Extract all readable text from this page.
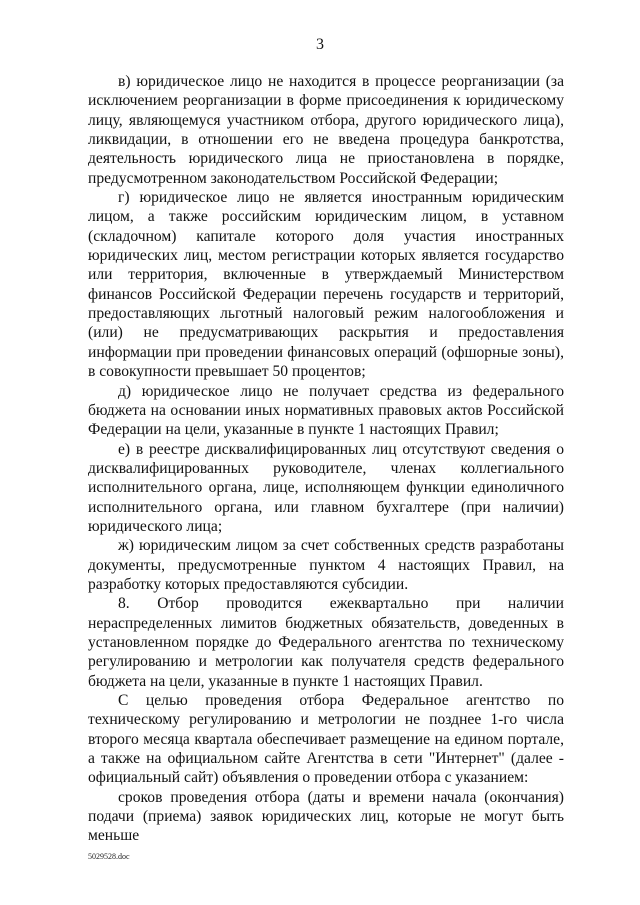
3

в) юридическое лицо не находится в процессе реорганизации (за исключением реорганизации в форме присоединения к юридическому лицу, являющемуся участником отбора, другого юридического лица), ликвидации, в отношении его не введена процедура банкротства, деятельность юридического лица не приостановлена в порядке, предусмотренном законодательством Российской Федерации;

г) юридическое лицо не является иностранным юридическим лицом, а также российским юридическим лицом, в уставном (складочном) капитале которого доля участия иностранных юридических лиц, местом регистрации которых является государство или территория, включенные в утверждаемый Министерством финансов Российской Федерации перечень государств и территорий, предоставляющих льготный налоговый режим налогообложения и (или) не предусматривающих раскрытия и предоставления информации при проведении финансовых операций (офшорные зоны), в совокупности превышает 50 процентов;

д) юридическое лицо не получает средства из федерального бюджета на основании иных нормативных правовых актов Российской Федерации на цели, указанные в пункте 1 настоящих Правил;

е) в реестре дисквалифицированных лиц отсутствуют сведения о дисквалифицированных руководителе, членах коллегиального исполнительного органа, лице, исполняющем функции единоличного исполнительного органа, или главном бухгалтере (при наличии) юридического лица;

ж) юридическим лицом за счет собственных средств разработаны документы, предусмотренные пунктом 4 настоящих Правил, на разработку которых предоставляются субсидии.

8. Отбор проводится ежеквартально при наличии нераспределенных лимитов бюджетных обязательств, доведенных в установленном порядке до Федерального агентства по техническому регулированию и метрологии как получателя средств федерального бюджета на цели, указанные в пункте 1 настоящих Правил.

С целью проведения отбора Федеральное агентство по техническому регулированию и метрологии не позднее 1-го числа второго месяца квартала обеспечивает размещение на едином портале, а также на официальном сайте Агентства в сети "Интернет" (далее - официальный сайт) объявления о проведении отбора с указанием:

сроков проведения отбора (даты и времени начала (окончания) подачи (приема) заявок юридических лиц, которые не могут быть меньше

5029528.doc
